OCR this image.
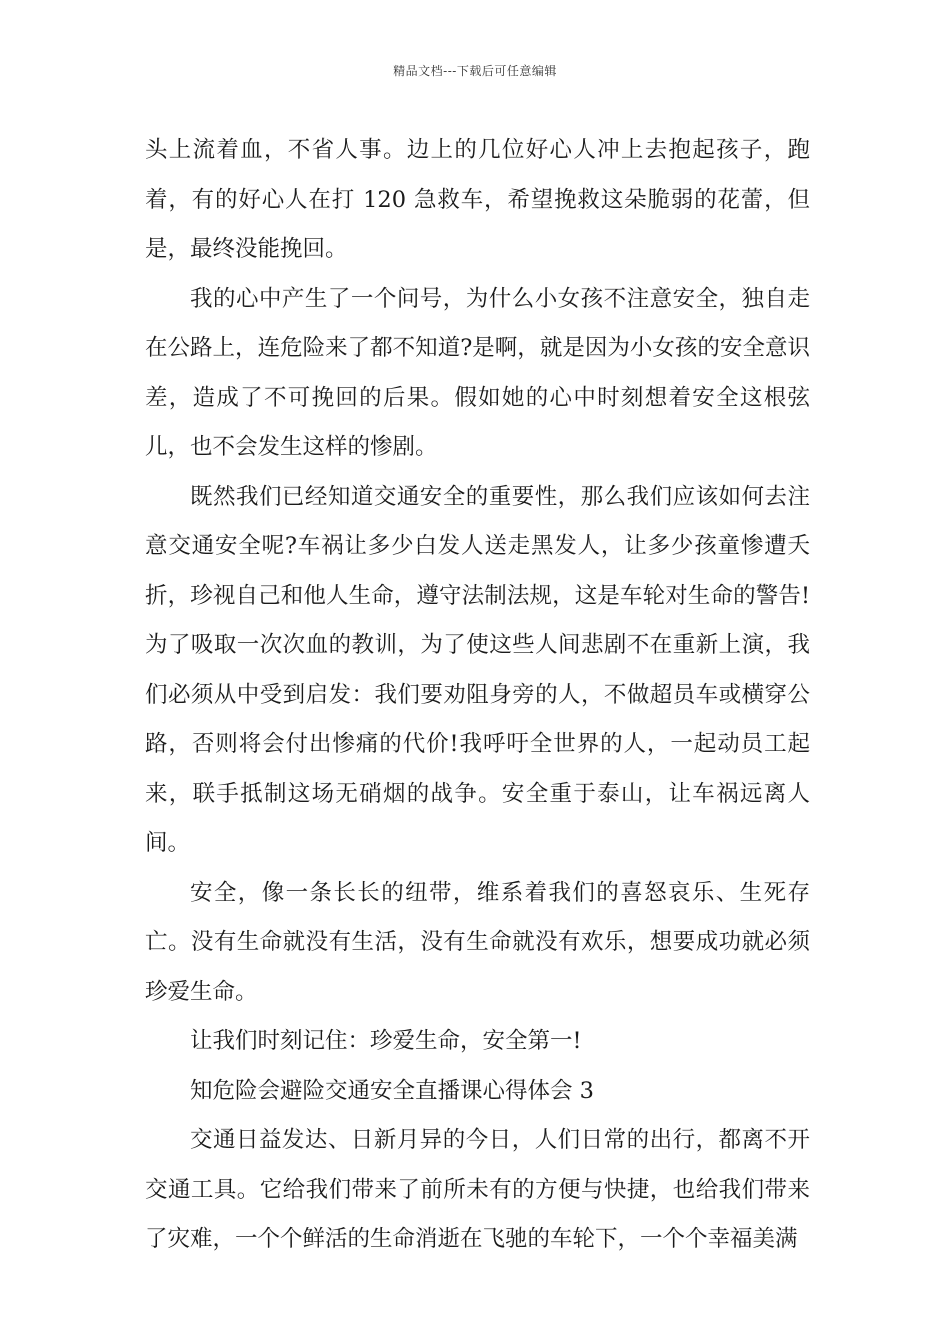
精品文档---下载后可任意编辑

头上流着血，不省人事。边上的几位好心人冲上去抱起孩子，跑着，有的好心人在打 120 急救车，希望挽救这朵脆弱的花蕾，但是，最终没能挽回。

我的心中产生了一个问号，为什么小女孩不注意安全，独自走在公路上，连危险来了都不知道?是啊，就是因为小女孩的安全意识差，造成了不可挽回的后果。假如她的心中时刻想着安全这根弦儿，也不会发生这样的惨剧。

既然我们已经知道交通安全的重要性，那么我们应该如何去注意交通安全呢?车祸让多少白发人送走黑发人，让多少孩童惨遭夭折，珍视自己和他人生命，遵守法制法规，这是车轮对生命的警告!为了吸取一次次血的教训，为了使这些人间悲剧不在重新上演，我们必须从中受到启发：我们要劝阻身旁的人，不做超员车或横穿公路，否则将会付出惨痛的代价!我呼吁全世界的人，一起动员工起来，联手抵制这场无硝烟的战争。安全重于泰山，让车祸远离人间。

安全，像一条长长的纽带，维系着我们的喜怒哀乐、生死存亡。没有生命就没有生活，没有生命就没有欢乐，想要成功就必须珍爱生命。

让我们时刻记住：珍爱生命，安全第一!

知危险会避险交通安全直播课心得体会 3

交通日益发达、日新月异的今日，人们日常的出行，都离不开交通工具。它给我们带来了前所未有的方便与快捷，也给我们带来了灾难，一个个鲜活的生命消逝在飞驰的车轮下，一个个幸福美满
